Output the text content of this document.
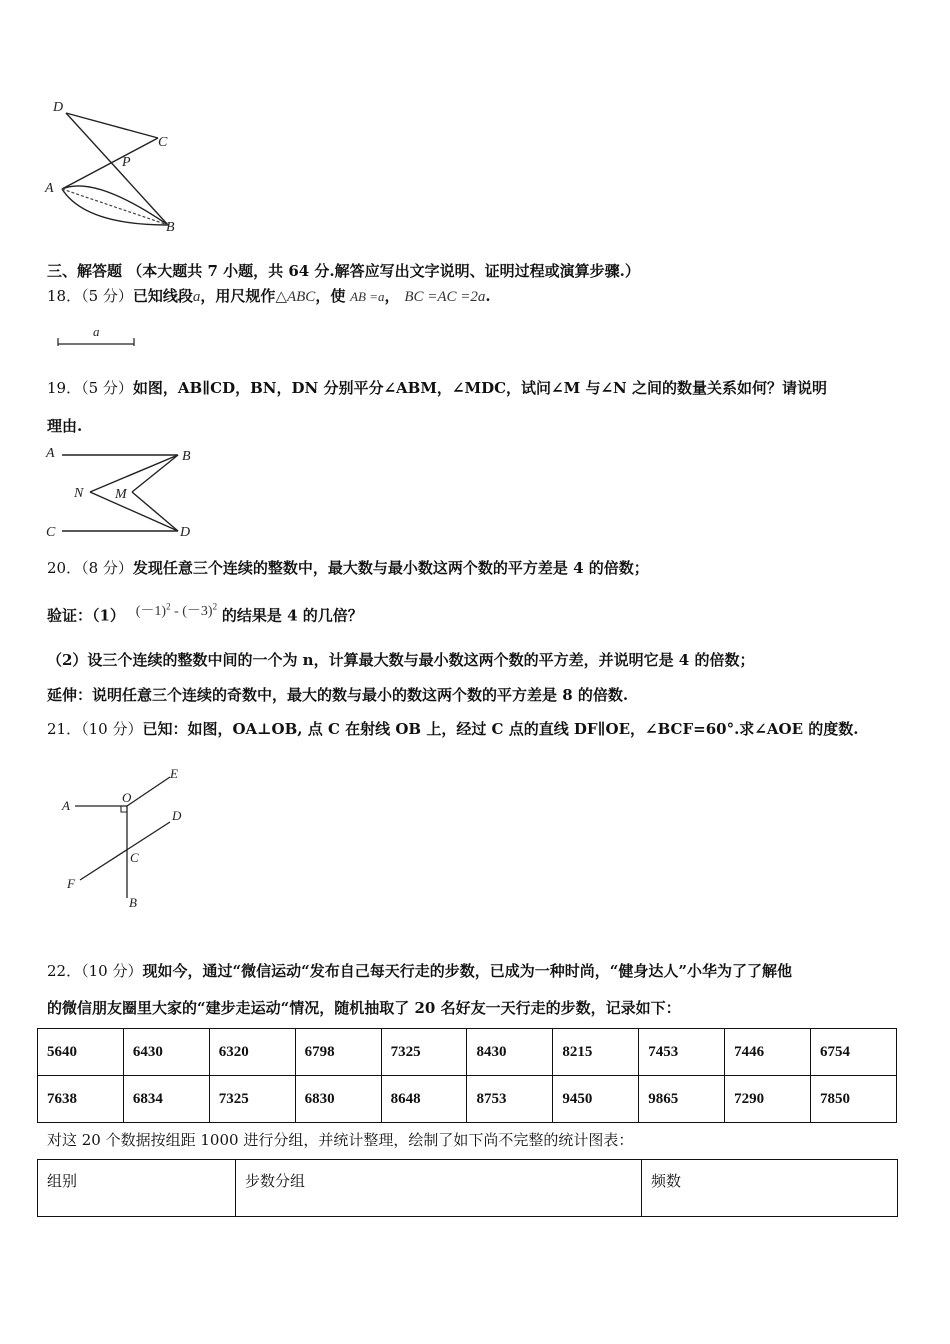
D
C
P
A
B
三、解答题 （本大题共 7 小题，共 64 分.解答应写出文字说明、证明过程或演算步骤.）
18．（5 分）已知线段a，用尺规作△ABC，使 AB =a， BC =AC =2a.
a
19．（5 分）如图，AB∥CD，BN，DN 分别平分∠ABM，∠MDC，试问∠M 与∠N 之间的数量关系如何？请说明
理由.
A	B
N M
C	D
20．（8 分）发现任意三个连续的整数中，最大数与最小数这两个数的平方差是 4 的倍数；
验证：（1） $(-1)^2 - (-3)^2$ 的结果是 4 的几倍？
（2）设三个连续的整数中间的一个为 n，计算最大数与最小数这两个数的平方差，并说明它是 4 的倍数；
延伸：说明任意三个连续的奇数中，最大的数与最小的数这两个数的平方差是 8 的倍数.
21．（10 分）已知：如图，OA⊥OB, 点 C 在射线 OB 上，经过 C 点的直线 DF∥OE，∠BCF=60°.求∠AOE 的度数.
E
A
O
D
C
F
B
22．（10 分）现如今，通过“微信运动“发布自己每天行走的步数，已成为一种时尚，“健身达人”小华为了了解他
的微信朋友圈里大家的“建步走运动“情况，随机抽取了 20 名好友一天行走的步数，记录如下：
5640	6430	6320	6798	7325	8430	8215	7453	7446	6754
7638	6834	7325	6830	8648	8753	9450	9865	7290	7850
对这 20 个数据按组距 1000 进行分组，并统计整理，绘制了如下尚不完整的统计图表：
组别	步数分组	频数
